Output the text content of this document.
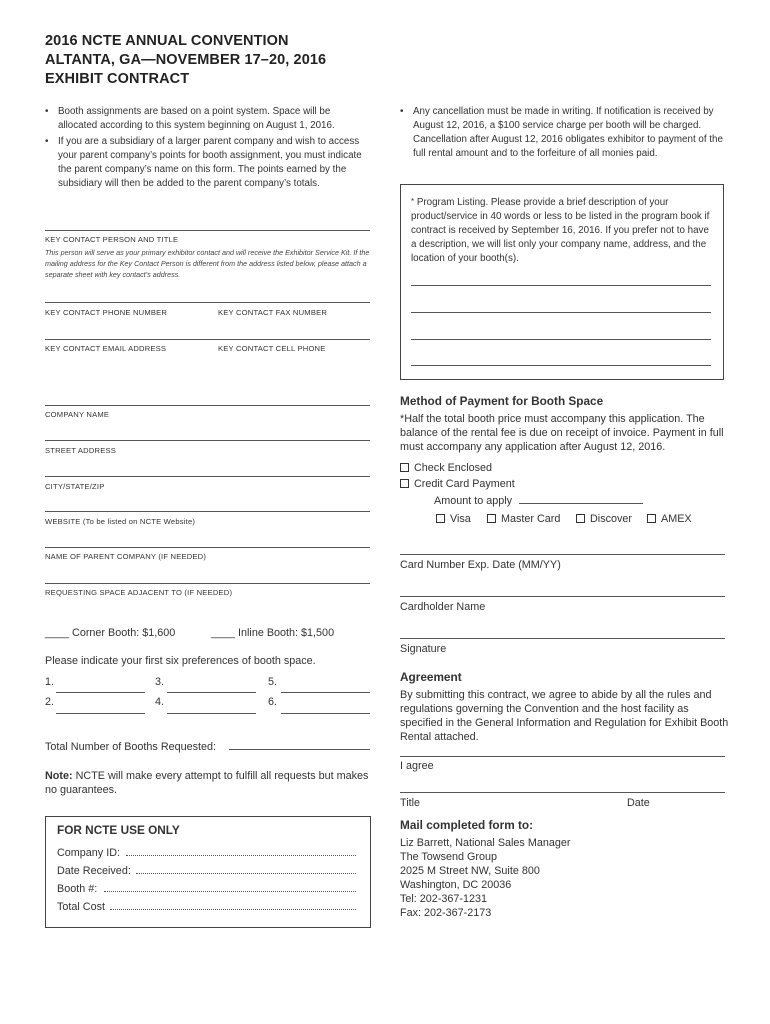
2016 NCTE ANNUAL CONVENTION
ALTANTA, GA—NOVEMBER 17–20, 2016
EXHIBIT CONTRACT
• Booth assignments are based on a point system. Space will be allocated according to this system beginning on August 1, 2016.
• If you are a subsidiary of a larger parent company and wish to access your parent company’s points for booth assignment, you must indicate the parent company’s name on this form. The points earned by the subsidiary will then be added to the parent company’s totals.
• Any cancellation must be made in writing. If notification is received by August 12, 2016, a $100 service charge per booth will be charged. Cancellation after August 12, 2016 obligates exhibitor to payment of the full rental amount and to the forfeiture of all monies paid.
KEY CONTACT PERSON AND TITLE
This person will serve as your primary exhibitor contact and will receive the Exhibitor Service Kit. If the mailing address for the Key Contact Person is different from the address listed below, please attach a separate sheet with key contact’s address.
KEY CONTACT PHONE NUMBER	KEY CONTACT FAX NUMBER
KEY CONTACT EMAIL ADDRESS	KEY CONTACT CELL PHONE
COMPANY NAME
STREET ADDRESS
CITY/STATE/ZIP
WEBSITE (To be listed on NCTE Website)
NAME OF PARENT COMPANY (IF NEEDED)
REQUESTING SPACE ADJACENT TO (IF NEEDED)
____ Corner Booth: $1,600	____ Inline Booth: $1,500
Please indicate your first six preferences of booth space.
1.
2.
3.
4.
5.
6.
Total Number of Booths Requested:
Note: NCTE will make every attempt to fulfill all requests but makes no guarantees.
FOR NCTE USE ONLY
Company ID:
Date Received:
Booth #:
Total Cost
* Program Listing. Please provide a brief description of your product/service in 40 words or less to be listed in the program book if contract is received by September 16, 2016. If you prefer not to have a description, we will list only your company name, address, and the location of your booth(s).
Method of Payment for Booth Space
*Half the total booth price must accompany this application. The balance of the rental fee is due on receipt of invoice. Payment in full must accompany any application after August 12, 2016.
Check Enclosed
Credit Card Payment
Amount to apply
Visa	Master Card	Discover	AMEX
Card Number Exp. Date (MM/YY)
Cardholder Name
Signature
Agreement
By submitting this contract, we agree to abide by all the rules and regulations governing the Convention and the host facility as specified in the General Information and Regulation for Exhibit Booth Rental attached.
I agree
Title	Date
Mail completed form to:
Liz Barrett, National Sales Manager
The Towsend Group
2025 M Street NW, Suite 800
Washington, DC 20036
Tel: 202-367-1231
Fax: 202-367-2173
